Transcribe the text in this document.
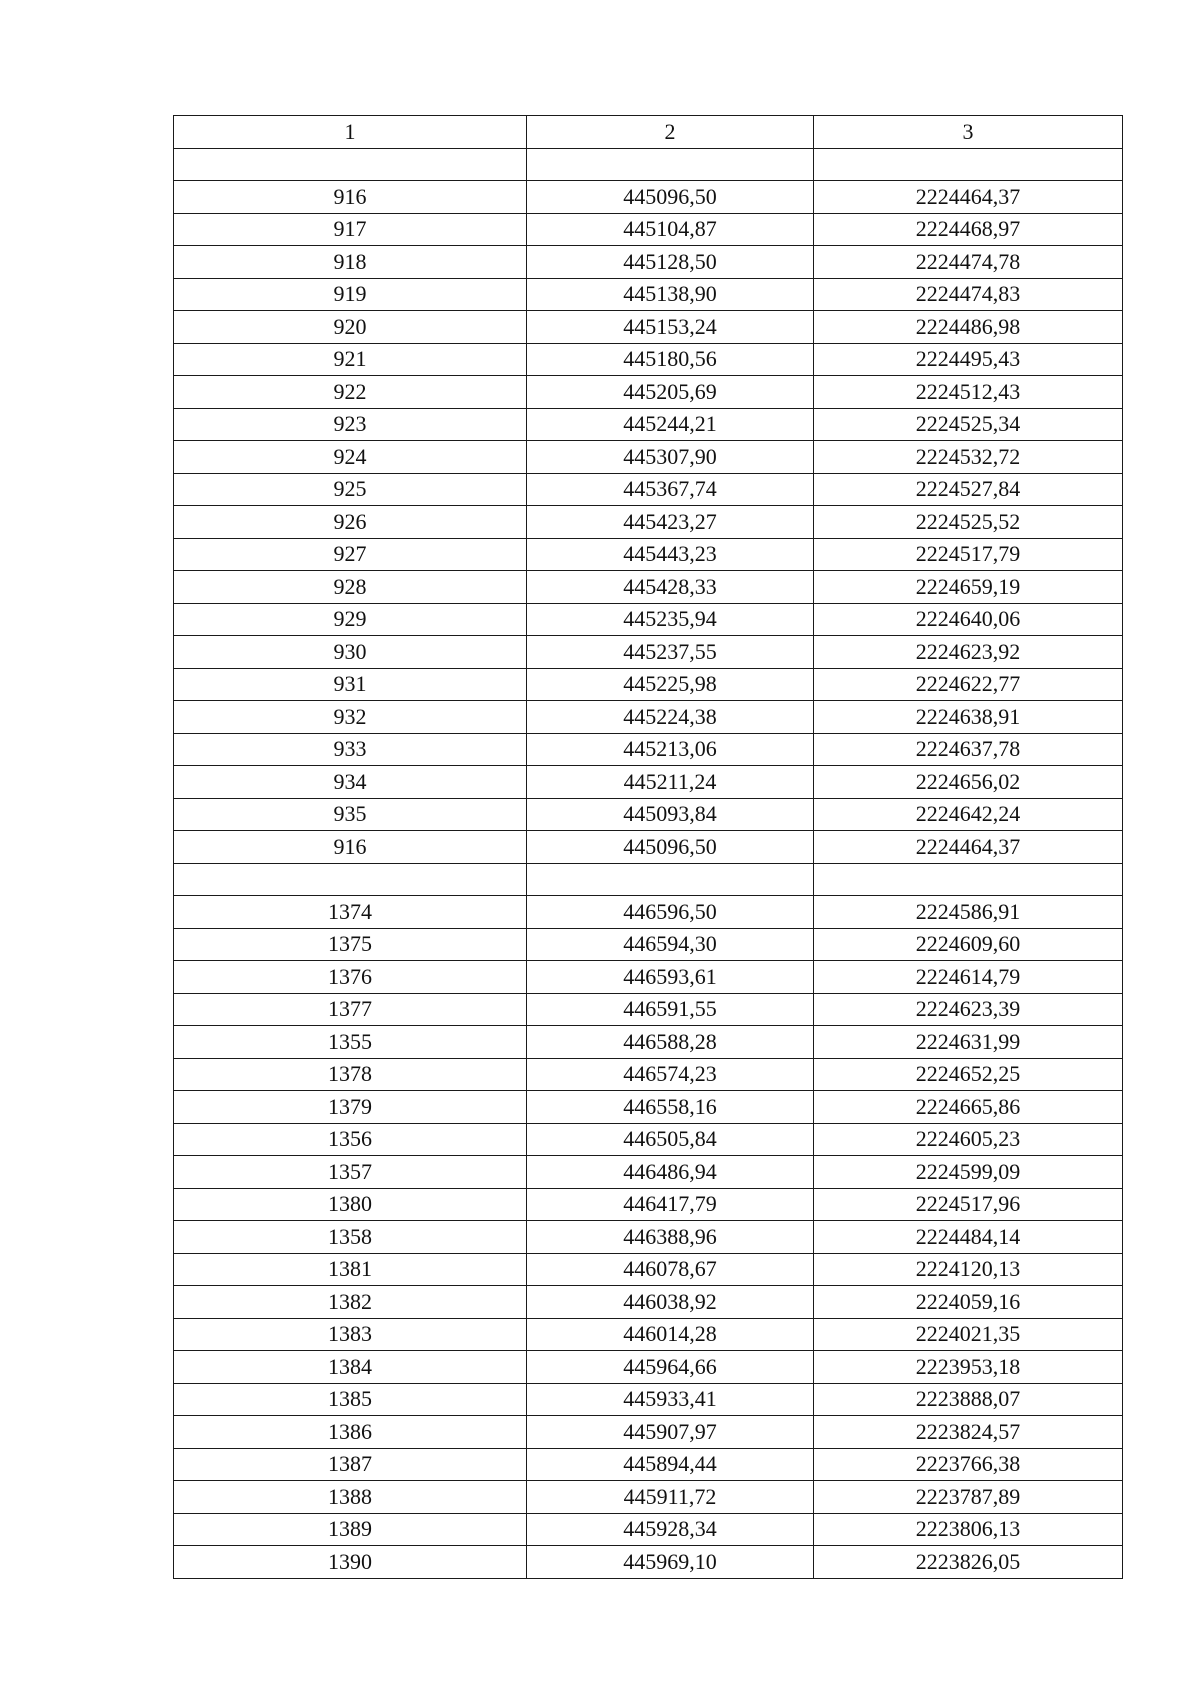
1	2	3

916	445096,50	2224464,37
917	445104,87	2224468,97
918	445128,50	2224474,78
919	445138,90	2224474,83
920	445153,24	2224486,98
921	445180,56	2224495,43
922	445205,69	2224512,43
923	445244,21	2224525,34
924	445307,90	2224532,72
925	445367,74	2224527,84
926	445423,27	2224525,52
927	445443,23	2224517,79
928	445428,33	2224659,19
929	445235,94	2224640,06
930	445237,55	2224623,92
931	445225,98	2224622,77
932	445224,38	2224638,91
933	445213,06	2224637,78
934	445211,24	2224656,02
935	445093,84	2224642,24
916	445096,50	2224464,37

1374	446596,50	2224586,91
1375	446594,30	2224609,60
1376	446593,61	2224614,79
1377	446591,55	2224623,39
1355	446588,28	2224631,99
1378	446574,23	2224652,25
1379	446558,16	2224665,86
1356	446505,84	2224605,23
1357	446486,94	2224599,09
1380	446417,79	2224517,96
1358	446388,96	2224484,14
1381	446078,67	2224120,13
1382	446038,92	2224059,16
1383	446014,28	2224021,35
1384	445964,66	2223953,18
1385	445933,41	2223888,07
1386	445907,97	2223824,57
1387	445894,44	2223766,38
1388	445911,72	2223787,89
1389	445928,34	2223806,13
1390	445969,10	2223826,05
